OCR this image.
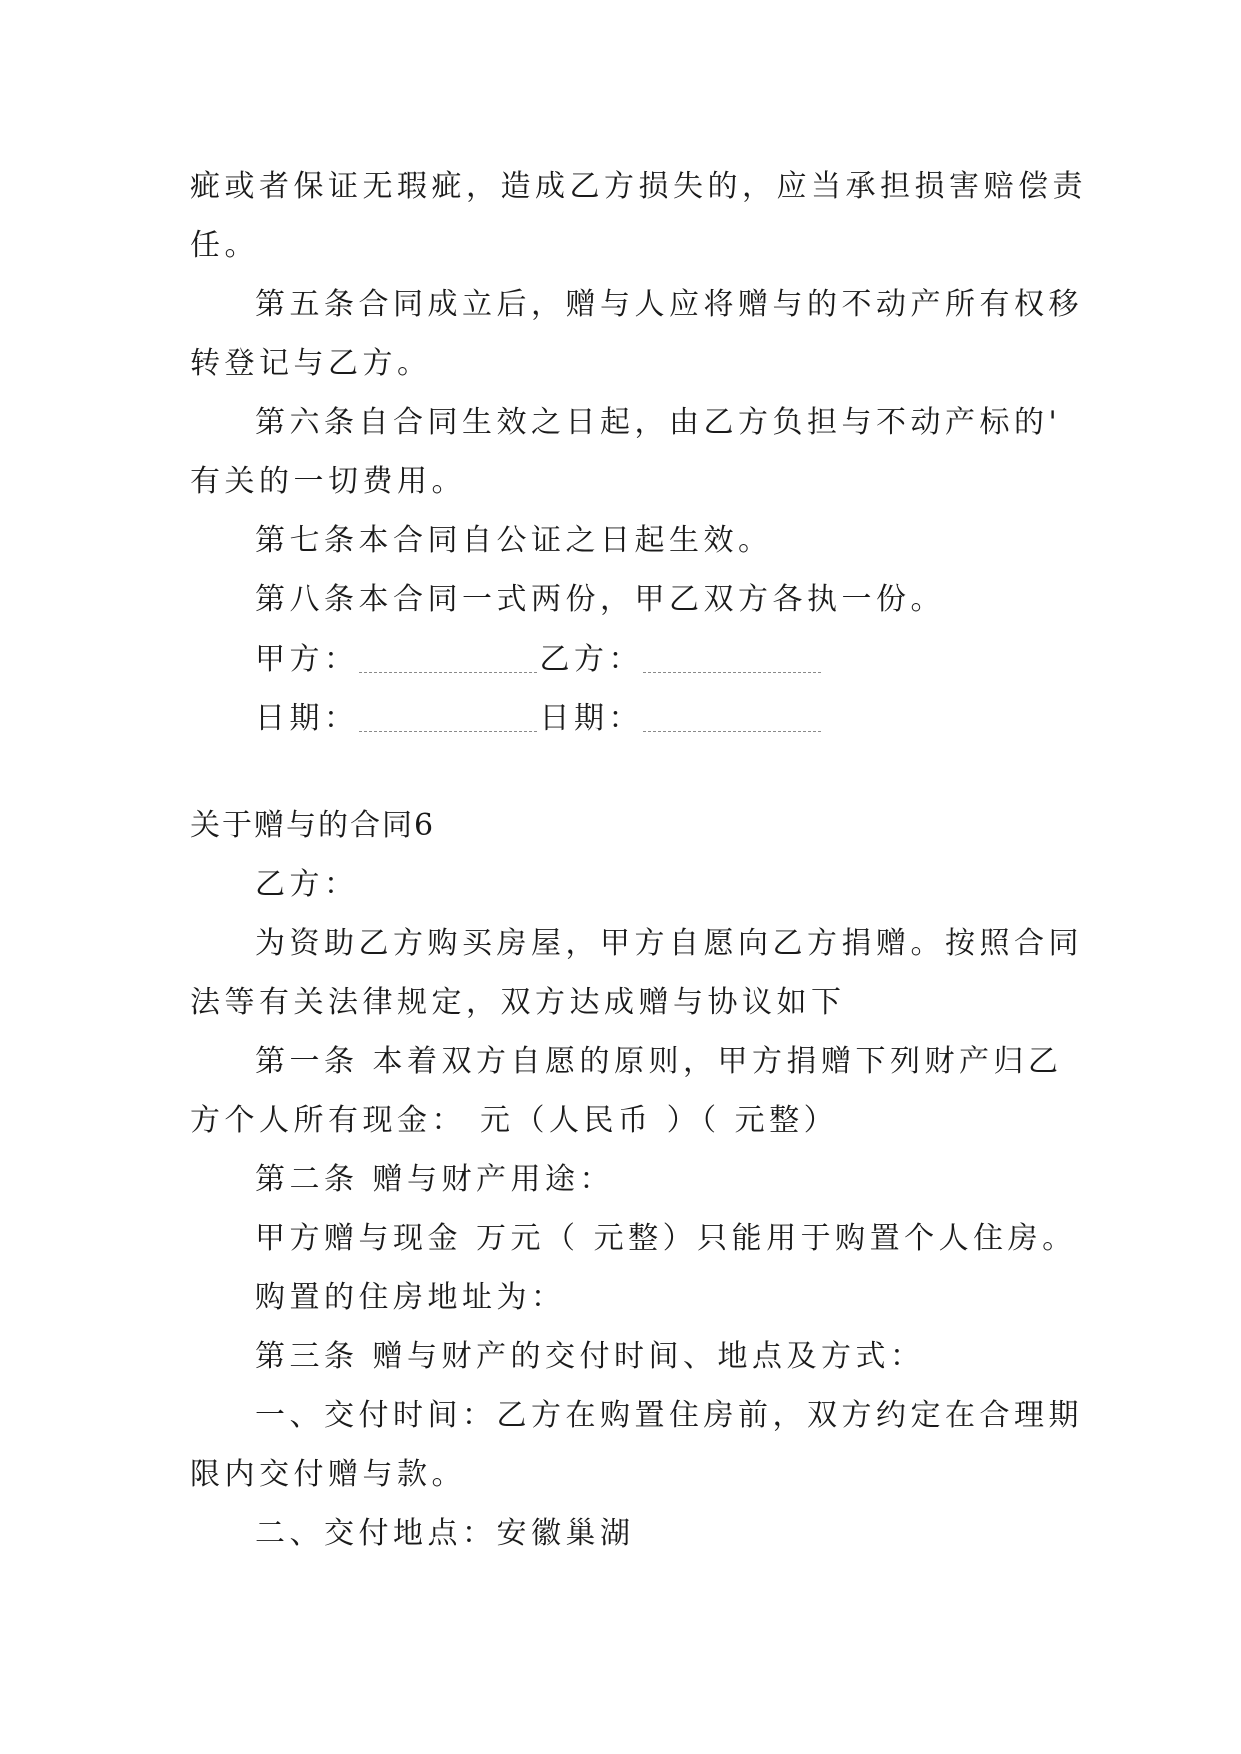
疵或者保证无瑕疵，造成乙方损失的，应当承担损害赔偿责
任。
第五条合同成立后，赠与人应将赠与的不动产所有权移
转登记与乙方。
第六条自合同生效之日起，由乙方负担与不动产标的'
有关的一切费用。
第七条本合同自公证之日起生效。
第八条本合同一式两份，甲乙双方各执一份。
甲方：	乙方：
日期：	日期：
关于赠与的合同6
乙方：
为资助乙方购买房屋，甲方自愿向乙方捐赠。按照合同
法等有关法律规定，双方达成赠与协议如下
第一条 本着双方自愿的原则，甲方捐赠下列财产归乙
方个人所有现金： 元（人民币 ）（ 元整）
第二条 赠与财产用途：
甲方赠与现金 万元（ 元整）只能用于购置个人住房。
购置的住房地址为：
第三条 赠与财产的交付时间、地点及方式：
一、交付时间：乙方在购置住房前，双方约定在合理期
限内交付赠与款。
二、交付地点：安徽巢湖
